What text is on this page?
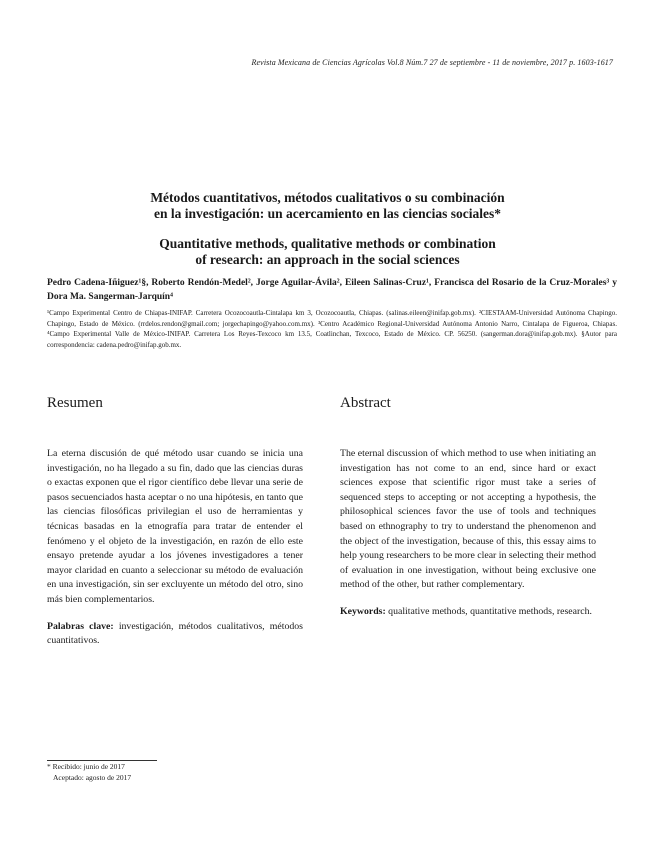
Revista Mexicana de Ciencias Agrícolas Vol.8 Núm.7 27 de septiembre - 11 de noviembre, 2017 p. 1603-1617
Métodos cuantitativos, métodos cualitativos o su combinación
en la investigación: un acercamiento en las ciencias sociales*
Quantitative methods, qualitative methods or combination
of research: an approach in the social sciences
Pedro Cadena-Iñiguez¹§, Roberto Rendón-Medel², Jorge Aguilar-Ávila², Eileen Salinas-Cruz¹, Francisca del Rosario de la Cruz-Morales³ y Dora Ma. Sangerman-Jarquín⁴
¹Campo Experimental Centro de Chiapas-INIFAP. Carretera Ocozocoautla-Cintalapa km 3, Ocozocoautla, Chiapas. (salinas.eileen@inifap.gob.mx). ²CIESTAAM-Universidad Autónoma Chapingo. Chapingo, Estado de México. (rrdelos.rendon@gmail.com; jorgechapingo@yahoo.com.mx). ³Centro Académico Regional-Universidad Autónoma Antonio Narro, Cintalapa de Figueroa, Chiapas. ⁴Campo Experimental Valle de México-INIFAP. Carretera Los Reyes-Texcoco km 13.5, Coatlinchan, Texcoco, Estado de México. CP. 56250. (sangerman.dora@inifap.gob.mx). §Autor para correspondencia: cadena.pedro@inifap.gob.mx.
Resumen

La eterna discusión de qué método usar cuando se inicia una investigación, no ha llegado a su fin, dado que las ciencias duras o exactas exponen que el rigor científico debe llevar una serie de pasos secuenciados hasta aceptar o no una hipótesis, en tanto que las ciencias filosóficas privilegian el uso de herramientas y técnicas basadas en la etnografía para tratar de entender el fenómeno y el objeto de la investigación, en razón de ello este ensayo pretende ayudar a los jóvenes investigadores a tener mayor claridad en cuanto a seleccionar su método de evaluación en una investigación, sin ser excluyente un método del otro, sino más bien complementarios.

Palabras clave: investigación, métodos cualitativos, métodos cuantitativos.

Abstract

The eternal discussion of which method to use when initiating an investigation has not come to an end, since hard or exact sciences expose that scientific rigor must take a series of sequenced steps to accepting or not accepting a hypothesis, the philosophical sciences favor the use of tools and techniques based on ethnography to try to understand the phenomenon and the object of the investigation, because of this, this essay aims to help young researchers to be more clear in selecting their method of evaluation in one investigation, without being exclusive one method of the other, but rather complementary.

Keywords: qualitative methods, quantitative methods, research.

* Recibido: junio de 2017
Aceptado: agosto de 2017
